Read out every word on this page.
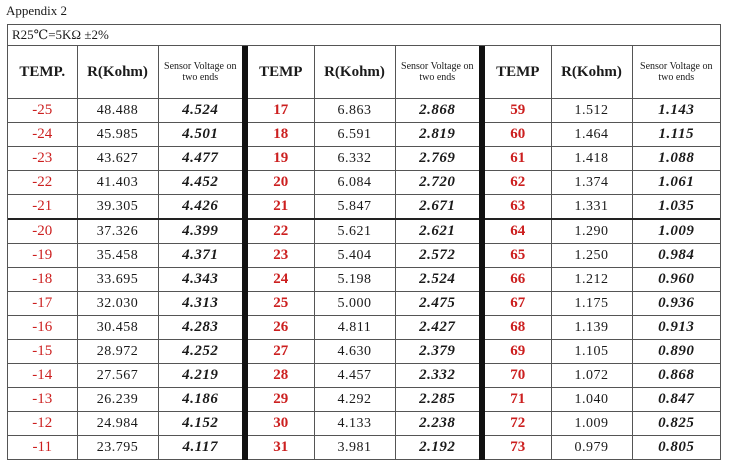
Appendix 2
R25℃=5KΩ ±2%
TEMP.	R(Kohm)	Sensor Voltage on two ends	TEMP	R(Kohm)	Sensor Voltage on two ends	TEMP	R(Kohm)	Sensor Voltage on two ends
-25	48.488	4.524	17	6.863	2.868	59	1.512	1.143
-24	45.985	4.501	18	6.591	2.819	60	1.464	1.115
-23	43.627	4.477	19	6.332	2.769	61	1.418	1.088
-22	41.403	4.452	20	6.084	2.720	62	1.374	1.061
-21	39.305	4.426	21	5.847	2.671	63	1.331	1.035
-20	37.326	4.399	22	5.621	2.621	64	1.290	1.009
-19	35.458	4.371	23	5.404	2.572	65	1.250	0.984
-18	33.695	4.343	24	5.198	2.524	66	1.212	0.960
-17	32.030	4.313	25	5.000	2.475	67	1.175	0.936
-16	30.458	4.283	26	4.811	2.427	68	1.139	0.913
-15	28.972	4.252	27	4.630	2.379	69	1.105	0.890
-14	27.567	4.219	28	4.457	2.332	70	1.072	0.868
-13	26.239	4.186	29	4.292	2.285	71	1.040	0.847
-12	24.984	4.152	30	4.133	2.238	72	1.009	0.825
-11	23.795	4.117	31	3.981	2.192	73	0.979	0.805
